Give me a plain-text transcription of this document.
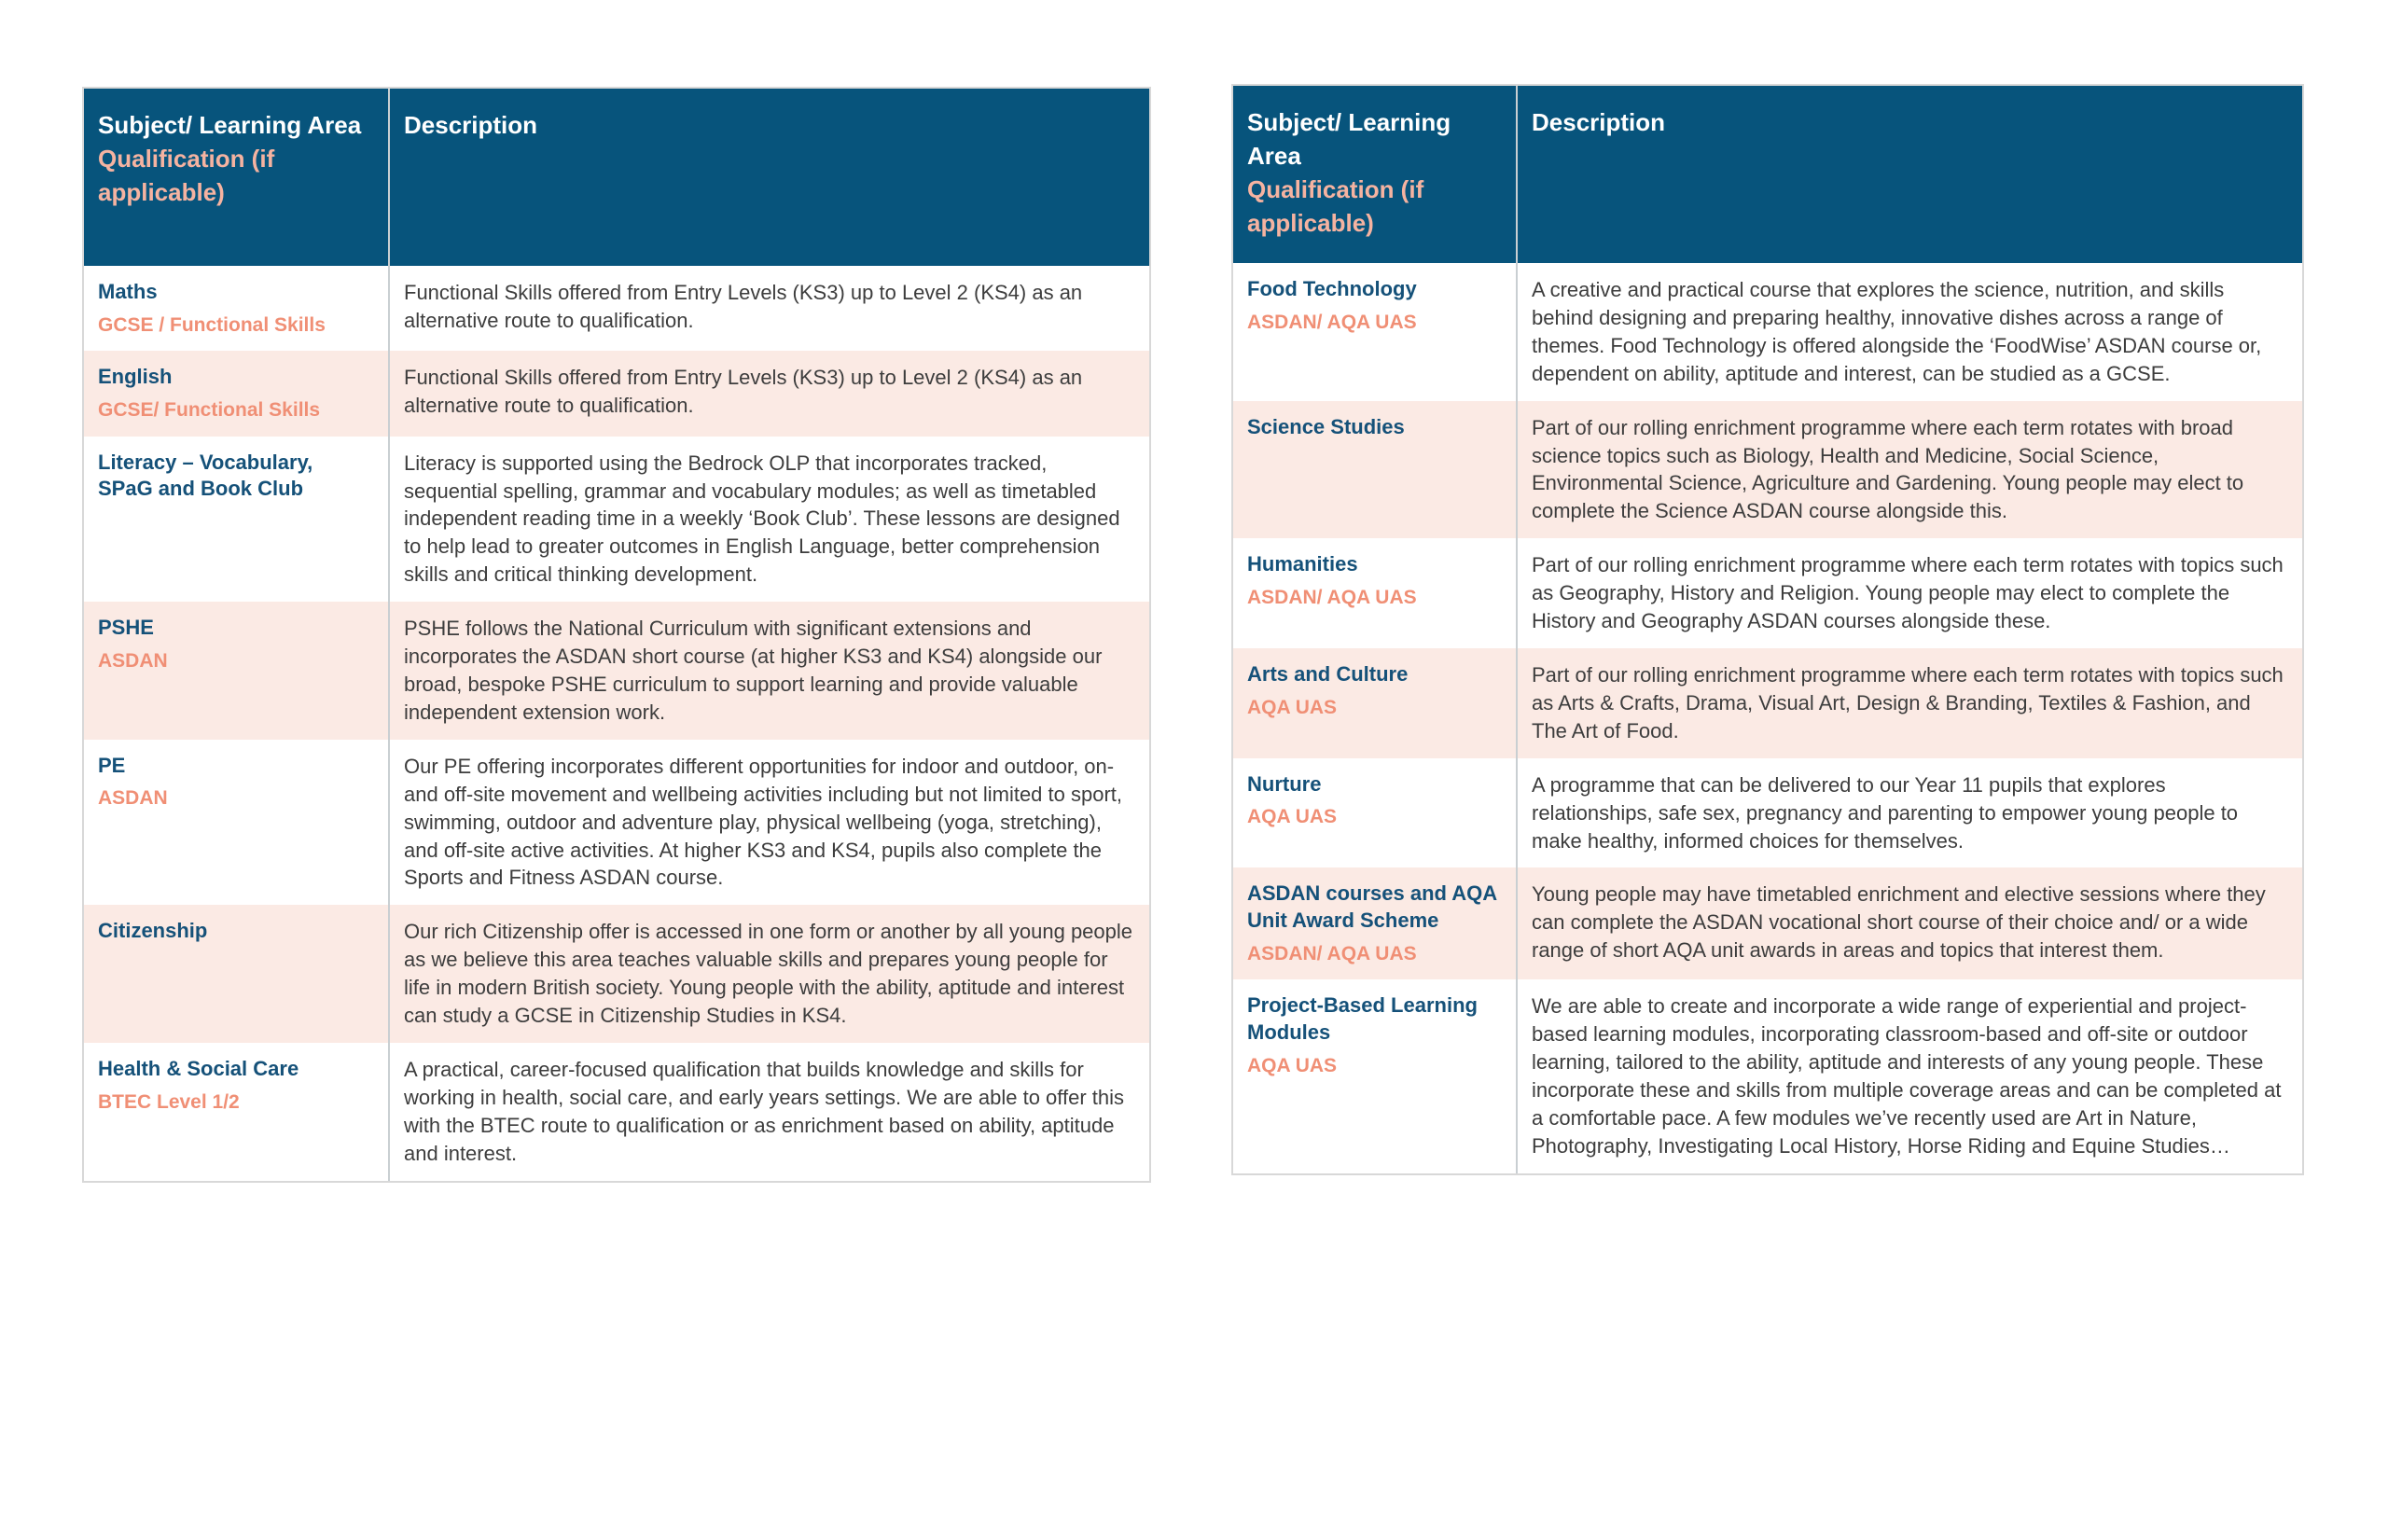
Subject/ Learning Area
Qualification (if applicable)
Description
Maths
GCSE / Functional Skills

Functional Skills offered from Entry Levels (KS3) up to Level 2 (KS4) as an alternative route to qualification.

English
GCSE/ Functional Skills

Functional Skills offered from Entry Levels (KS3) up to Level 2 (KS4) as an alternative route to qualification.

Literacy – Vocabulary, SPaG and Book Club

Literacy is supported using the Bedrock OLP that incorporates tracked, sequential spelling, grammar and vocabulary modules; as well as timetabled independent reading time in a weekly ‘Book Club’. These lessons are designed to help lead to greater outcomes in English Language, better comprehension skills and critical thinking development.

PSHE
ASDAN

PSHE follows the National Curriculum with significant extensions and incorporates the ASDAN short course (at higher KS3 and KS4) alongside our broad, bespoke PSHE curriculum to support learning and provide valuable independent extension work.

PE
ASDAN

Our PE offering incorporates different opportunities for indoor and outdoor, on- and off-site movement and wellbeing activities including but not limited to sport, swimming, outdoor and adventure play, physical wellbeing (yoga, stretching), and off-site active activities. At higher KS3 and KS4, pupils also complete the Sports and Fitness ASDAN course.

Citizenship	Our rich Citizenship offer is accessed in one form or another by all young people as we believe this area teaches valuable skills and prepares young people for life in modern British society. Young people with the ability, aptitude and interest can study a GCSE in Citizenship Studies in KS4.

Health & Social Care
BTEC Level 1/2

A practical, career-focused qualification that builds knowledge and skills for working in health, social care, and early years settings. We are able to offer this with the BTEC route to qualification or as enrichment based on ability, aptitude and interest.

Subject/ Learning Area
Qualification (if applicable)
Description
Food Technology
ASDAN/ AQA UAS

A creative and practical course that explores the science, nutrition, and skills behind designing and preparing healthy, innovative dishes across a range of themes. Food Technology is offered alongside the ‘FoodWise’ ASDAN course or, dependent on ability, aptitude and interest, can be studied as a GCSE.

Science Studies	Part of our rolling enrichment programme where each term rotates with broad science topics such as Biology, Health and Medicine, Social Science, Environmental Science, Agriculture and Gardening. Young people may elect to complete the Science ASDAN course alongside this.

Humanities
ASDAN/ AQA UAS

Part of our rolling enrichment programme where each term rotates with topics such as Geography, History and Religion. Young people may elect to complete the History and Geography ASDAN courses alongside these.

Arts and Culture
AQA UAS

Part of our rolling enrichment programme where each term rotates with topics such as Arts & Crafts, Drama, Visual Art, Design & Branding, Textiles & Fashion, and The Art of Food.

Nurture
AQA UAS

A programme that can be delivered to our Year 11 pupils that explores relationships, safe sex, pregnancy and parenting to empower young people to make healthy, informed choices for themselves.

ASDAN courses and AQA Unit Award Scheme
ASDAN/ AQA UAS

Young people may have timetabled enrichment and elective sessions where they can complete the ASDAN vocational short course of their choice and/ or a wide range of short AQA unit awards in areas and topics that interest them.

Project-Based Learning Modules
AQA UAS

We are able to create and incorporate a wide range of experiential and project-based learning modules, incorporating classroom-based and off-site or outdoor learning, tailored to the ability, aptitude and interests of any young people. These incorporate these and skills from multiple coverage areas and can be completed at a comfortable pace. A few modules we’ve recently used are Art in Nature, Photography, Investigating Local History, Horse Riding and Equine Studies…
